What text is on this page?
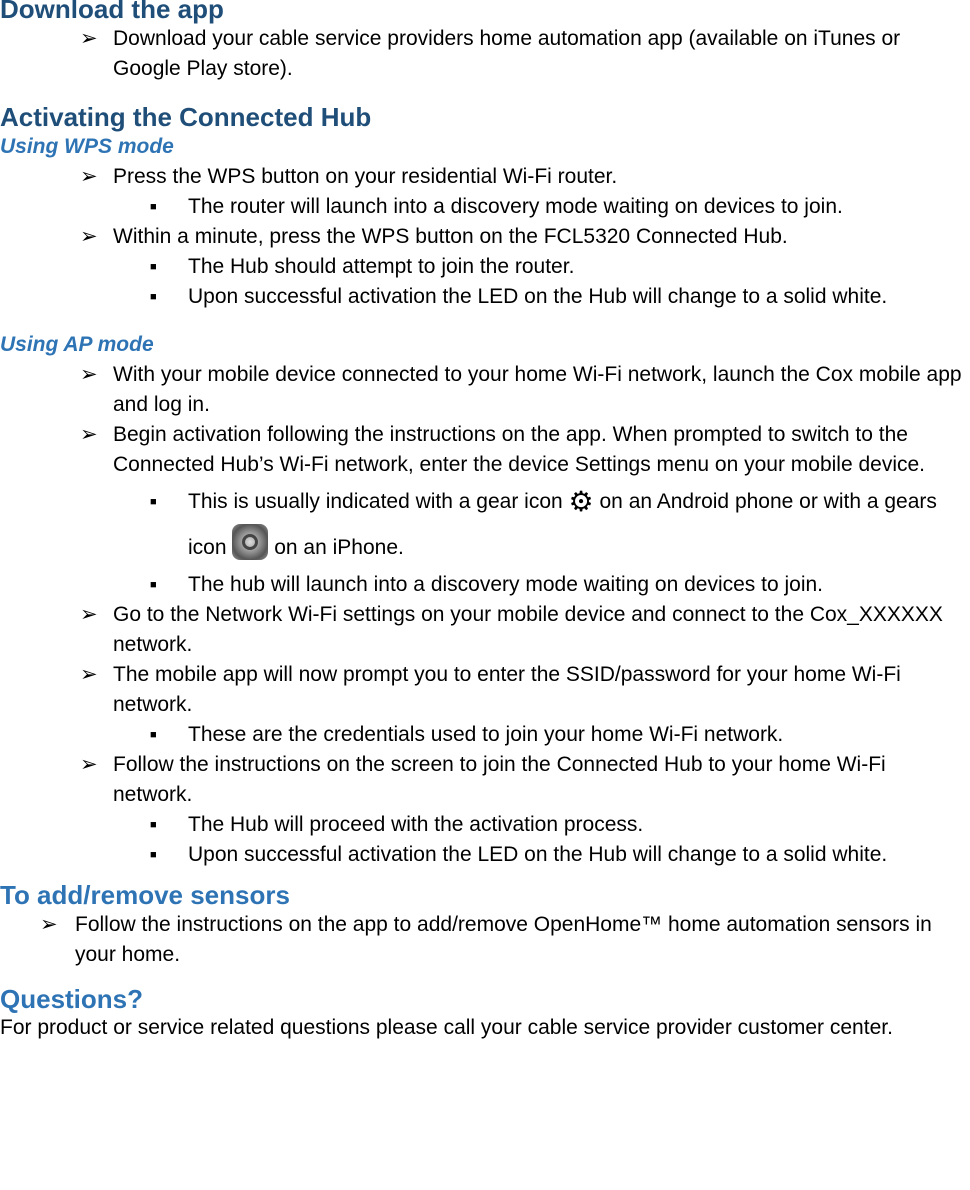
Download the app
➢ Download your cable service providers home automation app (available on iTunes or Google Play store).
Activating the Connected Hub
Using WPS mode
➢ Press the WPS button on your residential Wi-Fi router.
■ The router will launch into a discovery mode waiting on devices to join.
➢ Within a minute, press the WPS button on the FCL5320 Connected Hub.
■ The Hub should attempt to join the router.
■ Upon successful activation the LED on the Hub will change to a solid white.
Using AP mode
➢ With your mobile device connected to your home Wi-Fi network, launch the Cox mobile app and log in.
➢ Begin activation following the instructions on the app. When prompted to switch to the Connected Hub’s Wi-Fi network, enter the device Settings menu on your mobile device.
■ This is usually indicated with a gear icon ⚙ on an Android phone or with a gears icon on an iPhone.
■ The hub will launch into a discovery mode waiting on devices to join.
➢ Go to the Network Wi-Fi settings on your mobile device and connect to the Cox_XXXXXX network.
➢ The mobile app will now prompt you to enter the SSID/password for your home Wi-Fi network.
■ These are the credentials used to join your home Wi-Fi network.
➢ Follow the instructions on the screen to join the Connected Hub to your home Wi-Fi network.
■ The Hub will proceed with the activation process.
■ Upon successful activation the LED on the Hub will change to a solid white.
To add/remove sensors
➢ Follow the instructions on the app to add/remove OpenHome™ home automation sensors in your home.
Questions?

For product or service related questions please call your cable service provider customer center.
